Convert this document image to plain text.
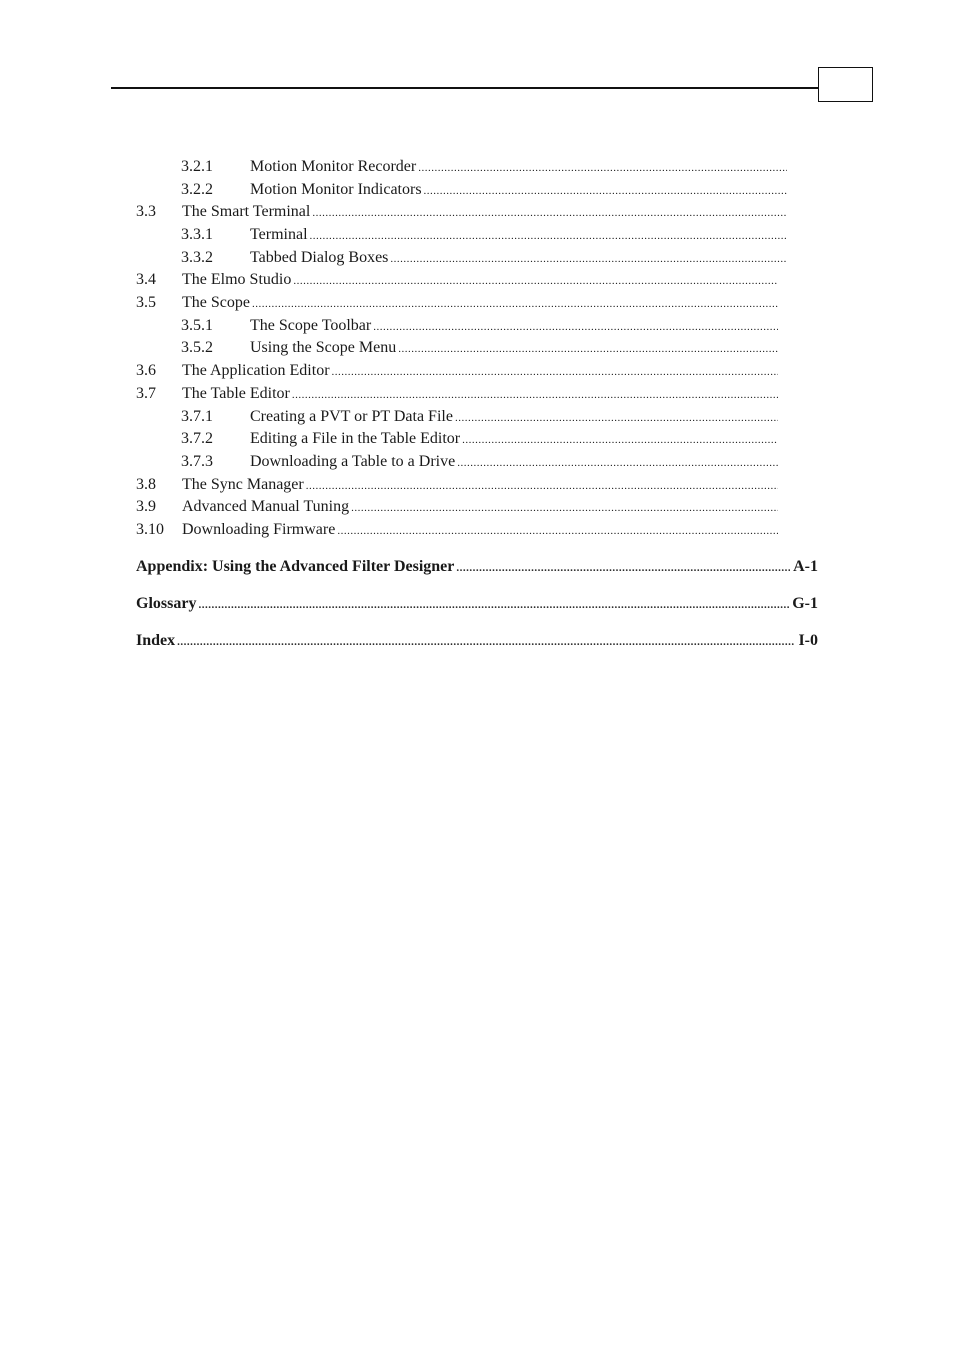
3.2.1	Motion Monitor Recorder
.....
3.2.2	Motion Monitor Indicators
.....
3.3	The Smart Terminal
.....
3.3.1	Terminal
.....
3.3.2	Tabbed Dialog Boxes
.....
3.4	The Elmo Studio
.....
3.5	The Scope
.....
3.5.1	The Scope Toolbar
.....
3.5.2	Using the Scope Menu
.....
3.6	The Application Editor
.....
3.7	The Table Editor
.....
3.7.1	Creating a PVT or PT Data File
.....
3.7.2	Editing a File in the Table Editor
.....
3.7.3	Downloading a Table to a Drive
.....
3.8	The Sync Manager
.....
3.9	Advanced Manual Tuning
.....
3.10	Downloading Firmware
.....
Appendix: Using the Advanced Filter Designer .....	A-1
Glossary .....	G-1
Index .....	I-0
